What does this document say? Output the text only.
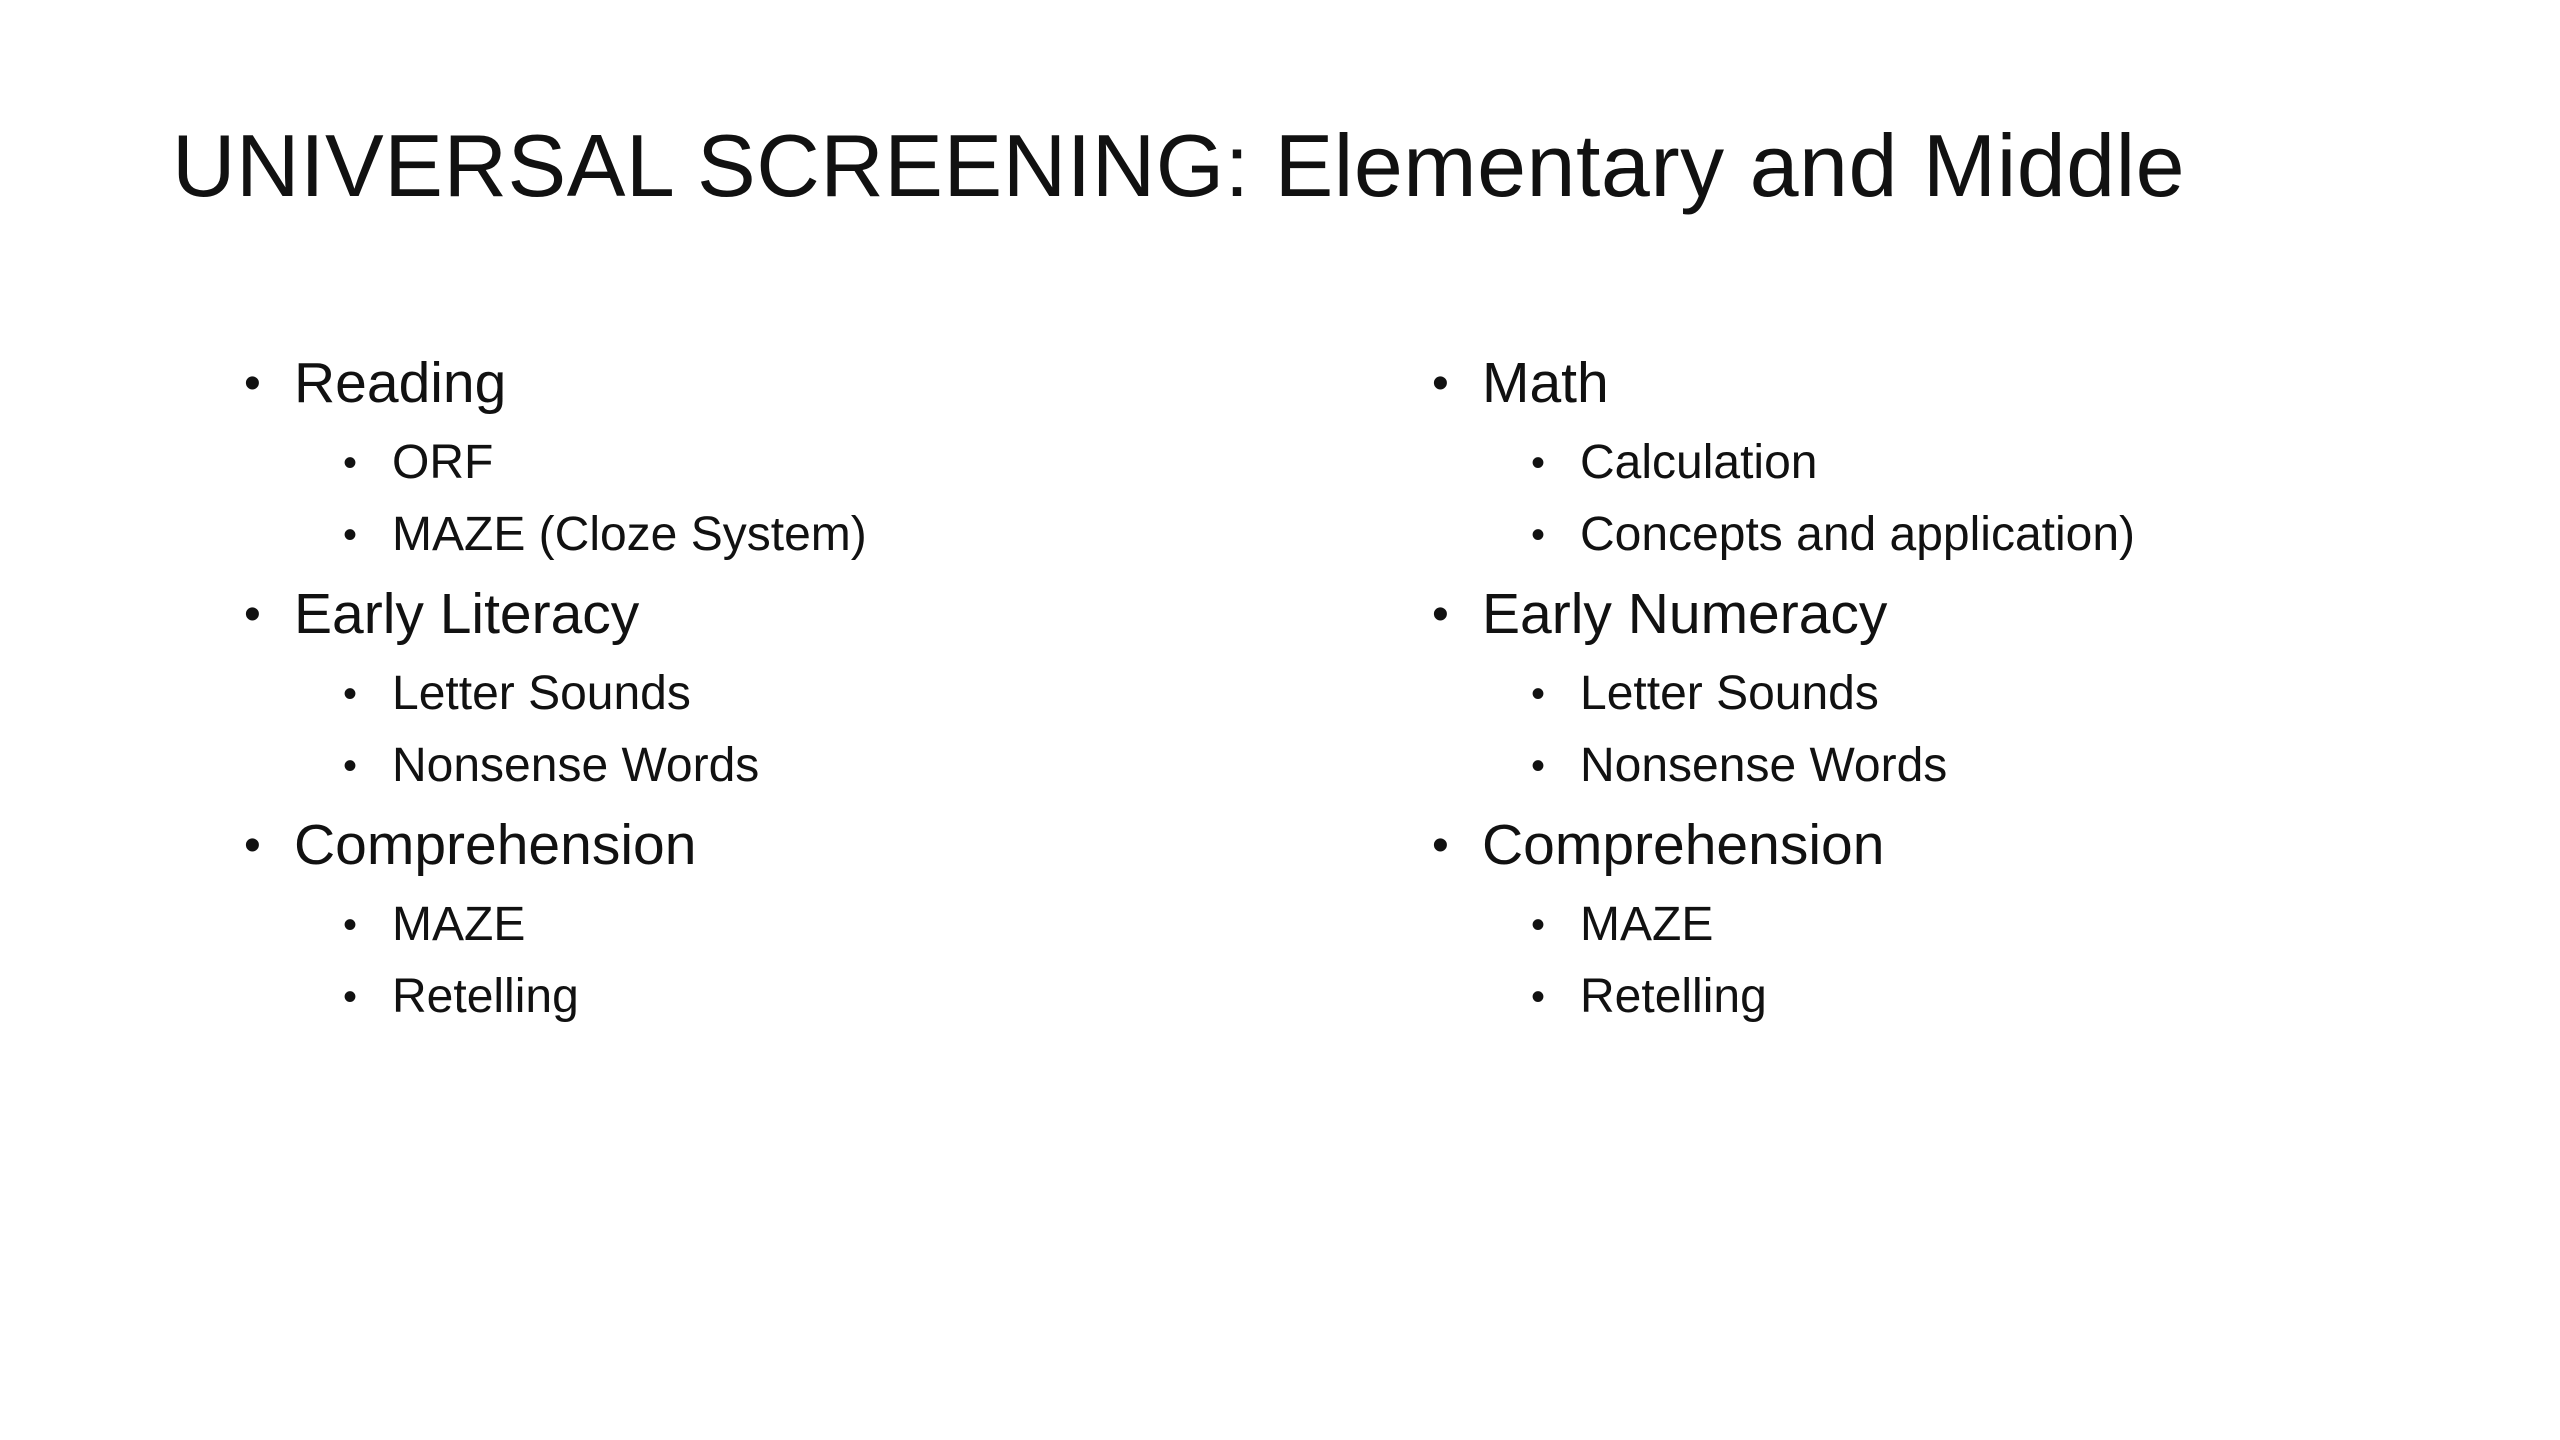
UNIVERSAL SCREENING: Elementary and Middle
• Reading
• ORF
• MAZE (Cloze System)
• Early Literacy
• Letter Sounds
• Nonsense Words
• Comprehension
• MAZE
• Retelling
• Math
• Calculation
• Concepts and application)
• Early Numeracy
• Letter Sounds
• Nonsense Words
• Comprehension
• MAZE
• Retelling
